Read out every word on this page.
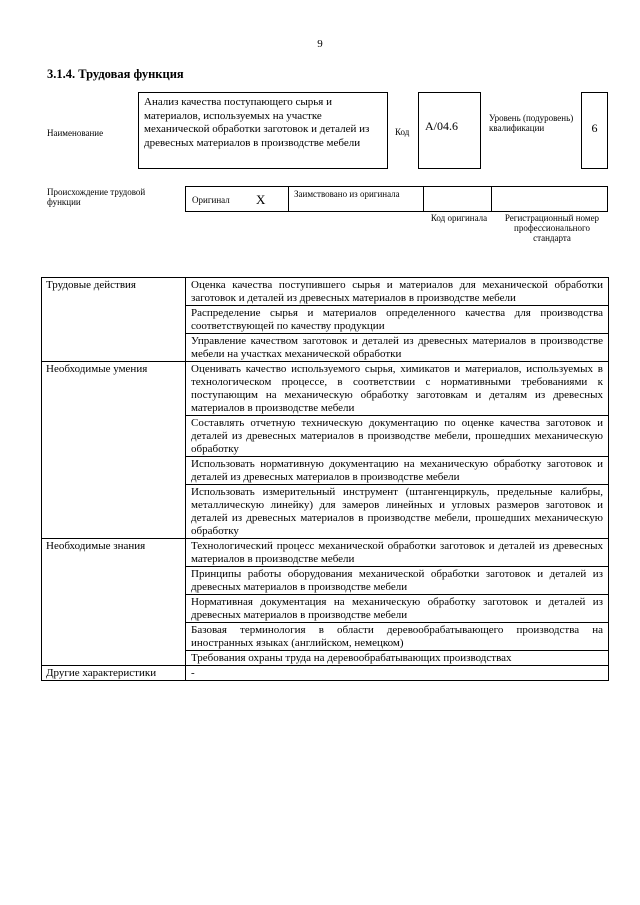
9
3.1.4. Трудовая функция
Наименование
Анализ качества поступающего сырья и материалов, используемых на участке механической обработки заготовок и деталей из древесных материалов в производстве мебели
Код	A/04.6
Уровень (подуровень) квалификации	6
Происхождение трудовой функции	Оригинал X	Заимствовано из оригинала
Код оригинала	Регистрационный номер профессионального стандарта
Трудовые действия	Оценка качества поступившего сырья и материалов для механической обработки заготовок и деталей из древесных материалов в производстве мебели
	Распределение сырья и материалов определенного качества для производства соответствующей по качеству продукции
	Управление качеством заготовок и деталей из древесных материалов в производстве мебели на участках механической обработки
Необходимые умения	Оценивать качество используемого сырья, химикатов и материалов, используемых в технологическом процессе, в соответствии с нормативными требованиями к поступающим на механическую обработку заготовкам и деталям из древесных материалов в производстве мебели
	Составлять отчетную техническую документацию по оценке качества заготовок и деталей из древесных материалов в производстве мебели, прошедших механическую обработку
	Использовать нормативную документацию на механическую обработку заготовок и деталей из древесных материалов в производстве мебели
	Использовать измерительный инструмент (штангенциркуль, предельные калибры, металлическую линейку) для замеров линейных и угловых размеров заготовок и деталей из древесных материалов в производстве мебели, прошедших механическую обработку
Необходимые знания	Технологический процесс механической обработки заготовок и деталей из древесных материалов в производстве мебели
	Принципы работы оборудования механической обработки заготовок и деталей из древесных материалов в производстве мебели
	Нормативная документация на механическую обработку заготовок и деталей из древесных материалов в производстве мебели
	Базовая терминология в области деревообрабатывающего производства на иностранных языках (английском, немецком)
	Требования охраны труда на деревообрабатывающих производствах
Другие характеристики	-
